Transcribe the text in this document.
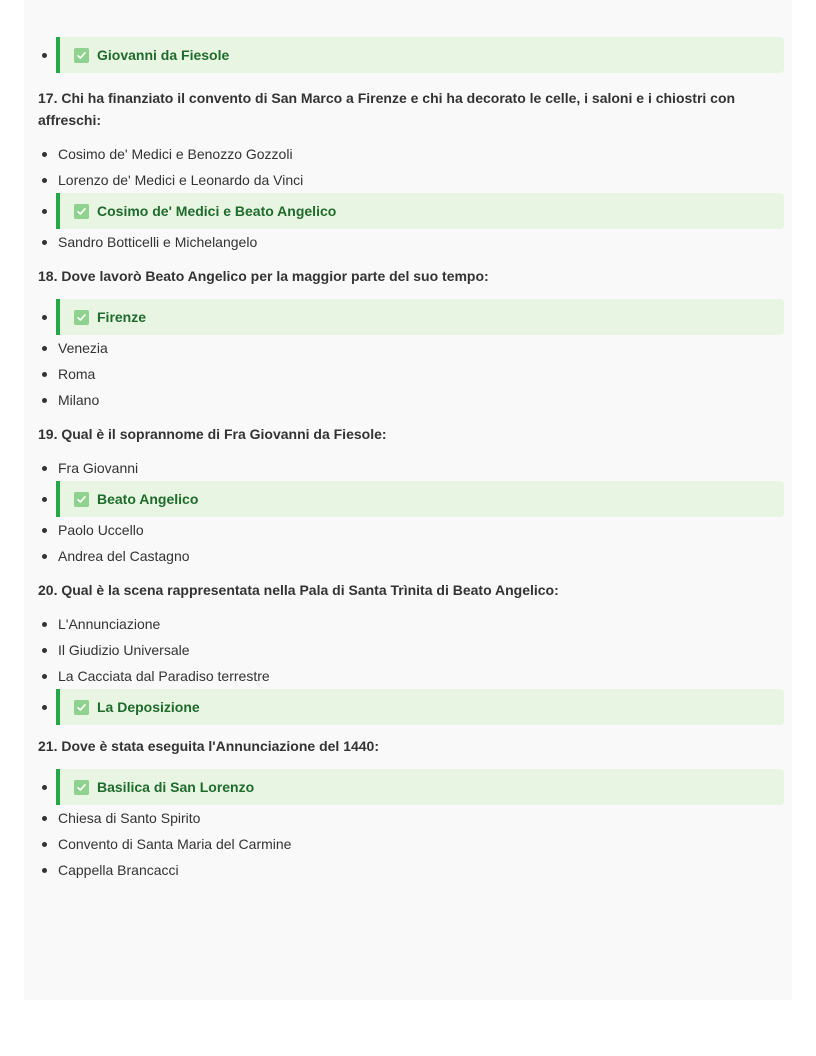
Giovanni da Fiesole

17. Chi ha finanziato il convento di San Marco a Firenze e chi ha decorato le celle, i saloni e i chiostri con affreschi:

Cosimo de' Medici e Benozzo Gozzoli
Lorenzo de' Medici e Leonardo da Vinci
Cosimo de' Medici e Beato Angelico
Sandro Botticelli e Michelangelo

18. Dove lavorò Beato Angelico per la maggior parte del suo tempo:

Firenze
Venezia
Roma
Milano

19. Qual è il soprannome di Fra Giovanni da Fiesole:

Fra Giovanni
Beato Angelico
Paolo Uccello
Andrea del Castagno

20. Qual è la scena rappresentata nella Pala di Santa Trìnita di Beato Angelico:

L'Annunciazione
Il Giudizio Universale
La Cacciata dal Paradiso terrestre
La Deposizione

21. Dove è stata eseguita l'Annunciazione del 1440:

Basilica di San Lorenzo
Chiesa di Santo Spirito
Convento di Santa Maria del Carmine
Cappella Brancacci
